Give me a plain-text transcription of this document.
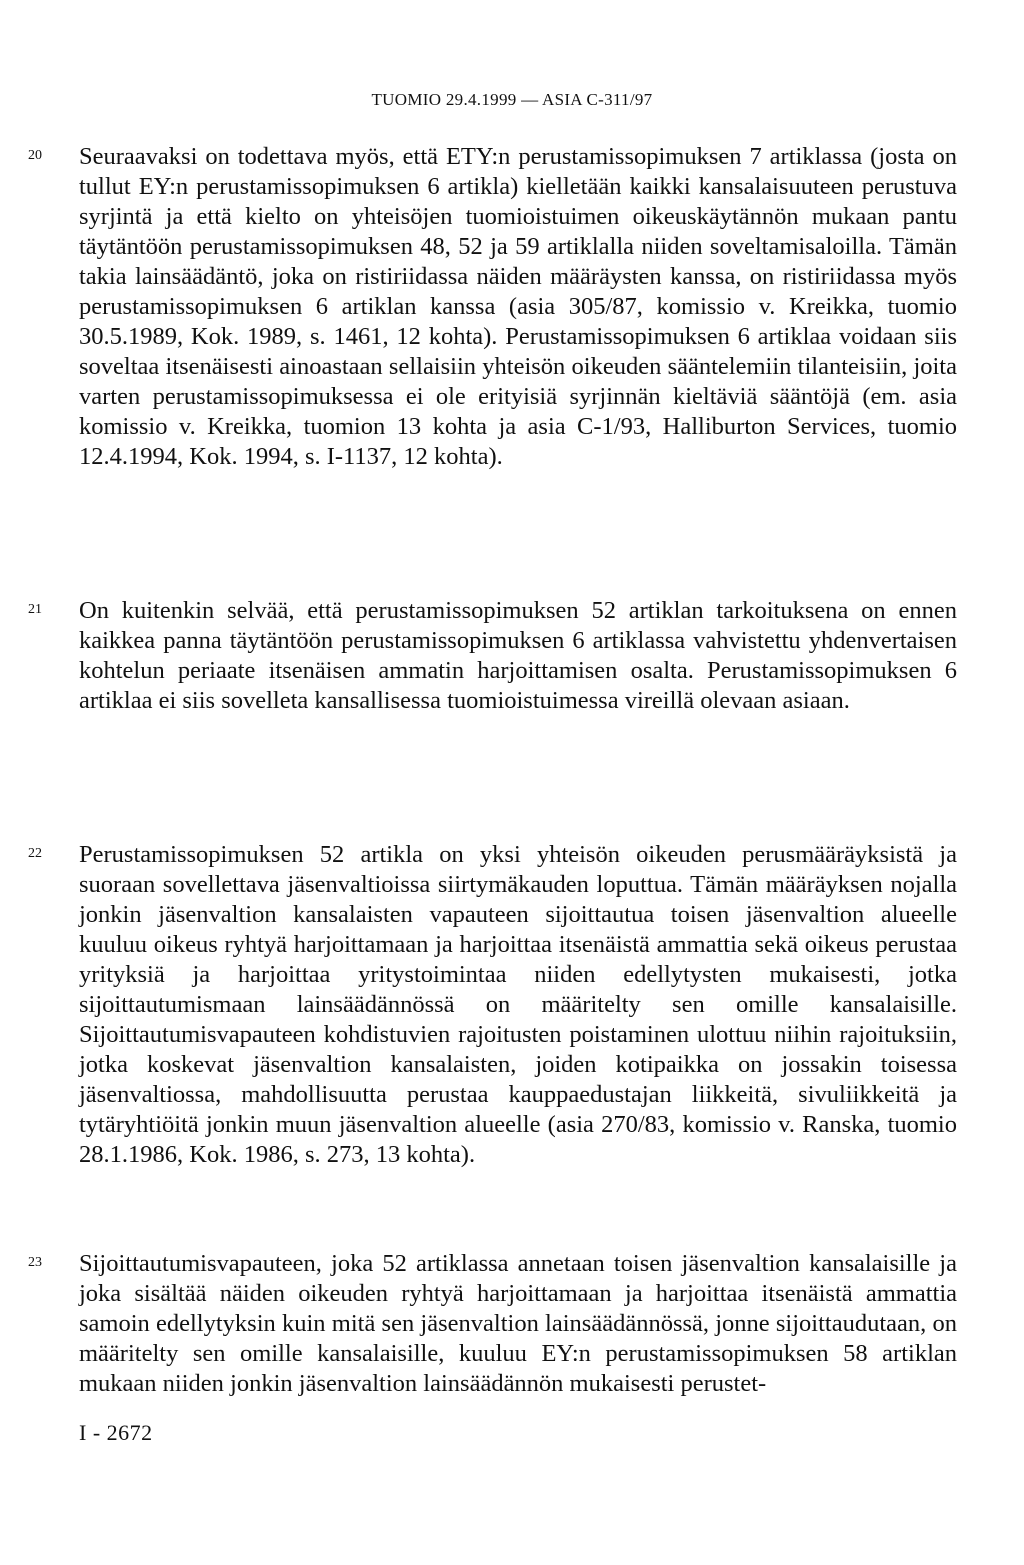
TUOMIO 29.4.1999 — ASIA C-311/97
20 Seuraavaksi on todettava myös, että ETY:n perustamissopimuksen 7 artiklassa (josta on tullut EY:n perustamissopimuksen 6 artikla) kielletään kaikki kansalaisuuteen perustuva syrjintä ja että kielto on yhteisöjen tuomioistuimen oikeuskäytännön mukaan pantu täytäntöön perustamissopimuksen 48, 52 ja 59 artiklalla niiden soveltamisaloilla. Tämän takia lainsäädäntö, joka on ristiriidassa näiden määräysten kanssa, on ristiriidassa myös perustamissopimuksen 6 artiklan kanssa (asia 305/87, komissio v. Kreikka, tuomio 30.5.1989, Kok. 1989, s. 1461, 12 kohta). Perustamissopimuksen 6 artiklaa voidaan siis soveltaa itsenäisesti ainoastaan sellaisiin yhteisön oikeuden sääntelemiin tilanteisiin, joita varten perustamissopimuksessa ei ole erityisiä syrjinnän kieltäviä sääntöjä (em. asia komissio v. Kreikka, tuomion 13 kohta ja asia C-1/93, Halliburton Services, tuomio 12.4.1994, Kok. 1994, s. I-1137, 12 kohta).
21 On kuitenkin selvää, että perustamissopimuksen 52 artiklan tarkoituksena on ennen kaikkea panna täytäntöön perustamissopimuksen 6 artiklassa vahvistettu yhdenvertaisen kohtelun periaate itsenäisen ammatin harjoittamisen osalta. Perustamissopimuksen 6 artiklaa ei siis sovelleta kansallisessa tuomioistuimessa vireillä olevaan asiaan.
22 Perustamissopimuksen 52 artikla on yksi yhteisön oikeuden perusmääräyksistä ja suoraan sovellettava jäsenvaltioissa siirtymäkauden loputtua. Tämän määräyksen nojalla jonkin jäsenvaltion kansalaisten vapauteen sijoittautua toisen jäsenvaltion alueelle kuuluu oikeus ryhtyä harjoittamaan ja harjoittaa itsenäistä ammattia sekä oikeus perustaa yrityksiä ja harjoittaa yritystoimintaa niiden edellytysten mukaisesti, jotka sijoittautumismaan lainsäädännössä on määritelty sen omille kansalaisille. Sijoittautumisvapauteen kohdistuvien rajoitusten poistaminen ulottuu niihin rajoituksiin, jotka koskevat jäsenvaltion kansalaisten, joiden kotipaikka on jossakin toisessa jäsenvaltiossa, mahdollisuutta perustaa kauppaedustajan liikkeitä, sivuliikkeitä ja tytäryhtiöitä jonkin muun jäsenvaltion alueelle (asia 270/83, komissio v. Ranska, tuomio 28.1.1986, Kok. 1986, s. 273, 13 kohta).
23 Sijoittautumisvapauteen, joka 52 artiklassa annetaan toisen jäsenvaltion kansalaisille ja joka sisältää näiden oikeuden ryhtyä harjoittamaan ja harjoittaa itsenäistä ammattia samoin edellytyksin kuin mitä sen jäsenvaltion lainsäädännössä, jonne sijoittaudutaan, on määritelty sen omille kansalaisille, kuuluu EY:n perustamissopimuksen 58 artiklan mukaan niiden jonkin jäsenvaltion lainsäädännön mukaisesti perustet-
I - 2672
